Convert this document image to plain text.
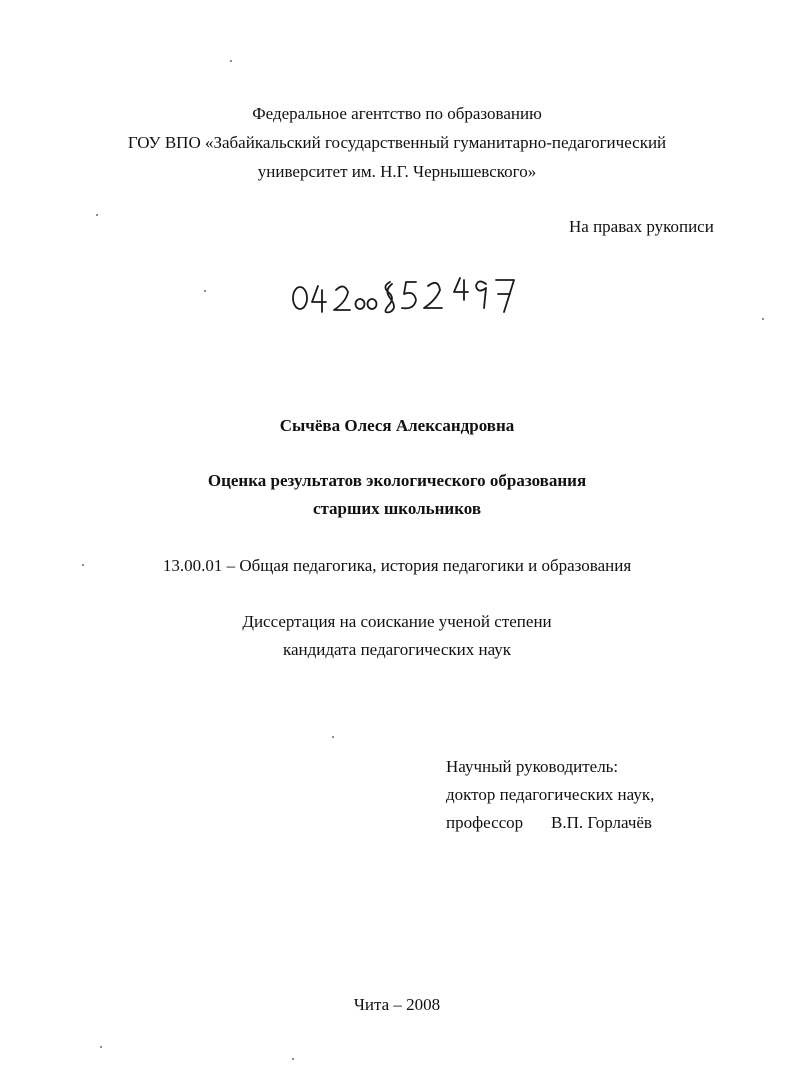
Федеральное агентство по образованию
ГОУ ВПО «Забайкальский государственный гуманитарно-педагогический
университет им. Н.Г. Чернышевского»
На правах рукописи
Сычёва Олеся Александровна
Оценка результатов экологического образования
старших школьников
13.00.01 – Общая педагогика, история педагогики и образования
Диссертация на соискание ученой степени
кандидата педагогических наук
Научный руководитель:
доктор педагогических наук,
профессор В.П. Горлачёв
Чита – 2008
